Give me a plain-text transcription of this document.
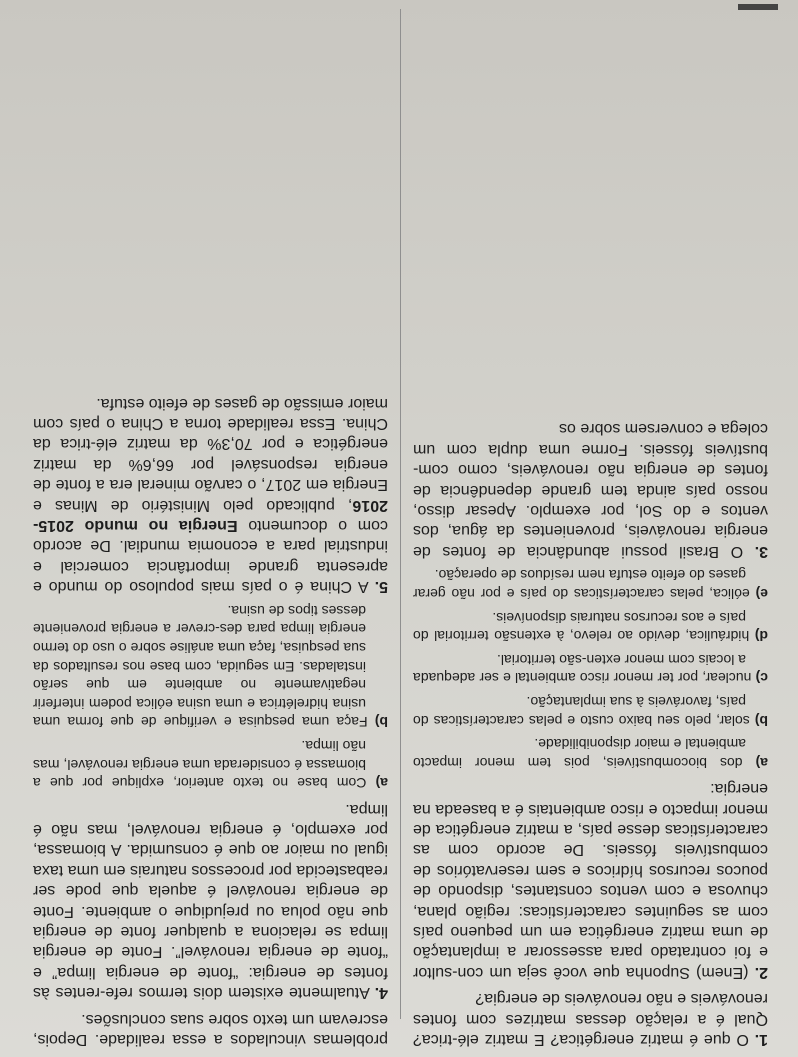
1. O que é matriz energética? E matriz elé-trica? Qual é a relação dessas matrizes com fontes renováveis e não renováveis de energia?

2. (Enem) Suponha que você seja um con-sultor e foi contratado para assessorar a implantação de uma matriz energética em um pequeno país com as seguintes características: região plana, chuvosa e com ventos constantes, dispondo de poucos recursos hídricos e sem reservatórios de combustíveis fósseis. De acordo com as características desse país, a matriz energética de menor impacto e risco ambientais é a baseada na energia:

a) dos biocombustíveis, pois tem menor impacto ambiental e maior disponibilidade.

b) solar, pelo seu baixo custo e pelas características do país, favoráveis à sua implantação.

c) nuclear, por ter menor risco ambiental e ser adequada a locais com menor exten-são territorial.

d) hidráulica, devido ao relevo, à extensão territorial do país e aos recursos naturais disponíveis.

e) eólica, pelas características do país e por não gerar gases do efeito estufa nem resíduos de operação.

3. O Brasil possui abundância de fontes de energia renováveis, provenientes da água, dos ventos e do Sol, por exemplo. Apesar disso, nosso país ainda tem grande dependência de fontes de energia não renováveis, como com-bustíveis fósseis. Forme uma dupla com um colega e conversem sobre os

problemas vinculados a essa realidade. Depois, escrevam um texto sobre suas conclusões.

4. Atualmente existem dois termos refe-rentes às fontes de energia: “fonte de energia limpa” e “fonte de energia renovável”. Fonte de energia limpa se relaciona a qualquer fonte de energia que não polua ou prejudique o ambiente. Fonte de energia renovável é aquela que pode ser reabastecida por processos naturais em uma taxa igual ou maior ao que é consumida. A biomassa, por exemplo, é energia renovável, mas não é limpa.

a) Com base no texto anterior, explique por que a biomassa é considerada uma energia renovável, mas não limpa.

b) Faça uma pesquisa e verifique de que forma uma usina hidrelétrica e uma usina eólica podem interferir negativamente no ambiente em que serão instaladas. Em seguida, com base nos resultados da sua pesquisa, faça uma análise sobre o uso do termo energia limpa para des-crever a energia proveniente desses tipos de usina.

5. A China é o país mais populoso do mundo e apresenta grande importância comercial e industrial para a economia mundial. De acordo com o documento Energia no mundo 2015-2016, publicado pelo Ministério de Minas e Energia em 2017, o carvão mineral era a fonte de energia responsável por 66,6% da matriz energética e por 70,3% da matriz elé-trica da China. Essa realidade torna a China o país com maior emissão de gases de efeito estufa.
